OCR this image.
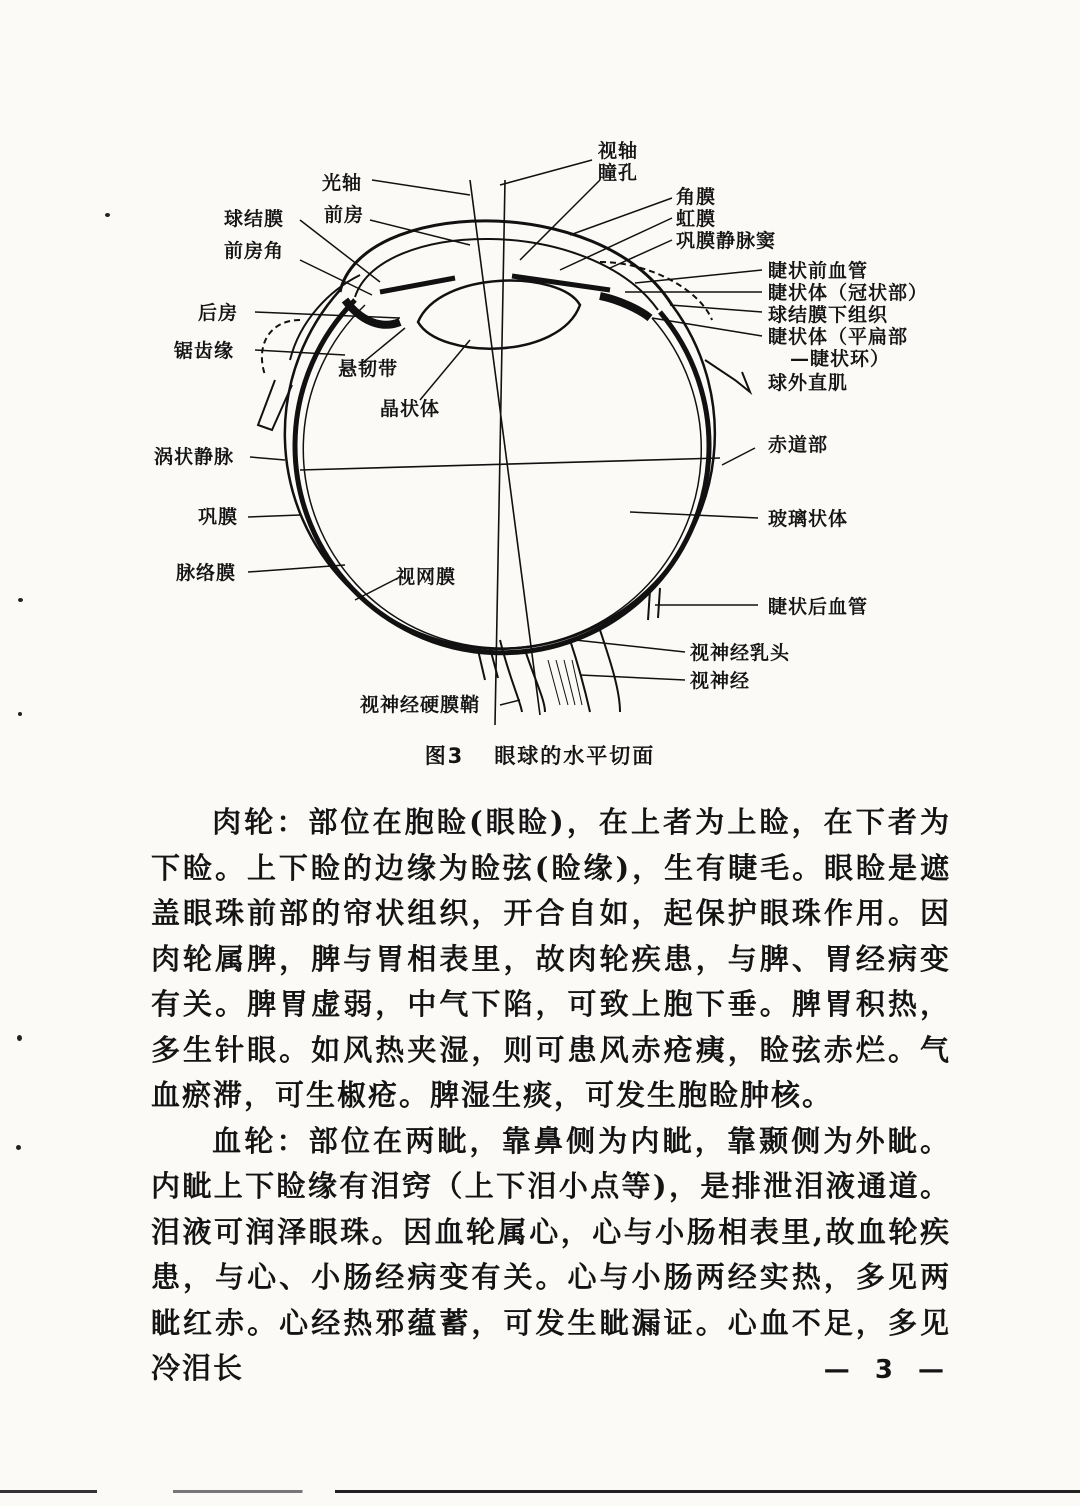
视轴
瞳孔
光轴
角膜
虹膜
巩膜静脉窦
球结膜 前房
前房角
睫状前血管
睫状体（冠状部）
球结膜下组织
睫状体（平扁部
—睫状环）
后房
锯齿缘
悬韧带
晶状体
球外直肌
涡状静脉
赤道部
巩膜	玻璃状体
脉络膜	视网膜
睫状后血管
视神经乳头
视神经
视神经硬膜鞘
图3 眼球的水平切面

肉轮：部位在胞睑(眼睑)，在上者为上睑，在下者为下睑。上下睑的边缘为睑弦(睑缘)，生有睫毛。眼睑是遮盖眼珠前部的帘状组织，开合自如，起保护眼珠作用。因肉轮属脾，脾与胃相表里，故肉轮疾患，与脾、胃经病变有关。脾胃虚弱，中气下陷，可致上胞下垂。脾胃积热，多生针眼。如风热夹湿，则可患风赤疮痍，睑弦赤烂。气血瘀滞，可生椒疮。脾湿生痰，可发生胞睑肿核。

血轮：部位在两眦，靠鼻侧为内眦，靠颞侧为外眦。内眦上下睑缘有泪窍（上下泪小点等)，是排泄泪液通道。泪液可润泽眼珠。因血轮属心，心与小肠相表里,故血轮疾患，与心、小肠经病变有关。心与小肠两经实热，多见两眦红赤。心经热邪蕴蓄，可发生眦漏证。心血不足，多见冷泪长	— 3 —
